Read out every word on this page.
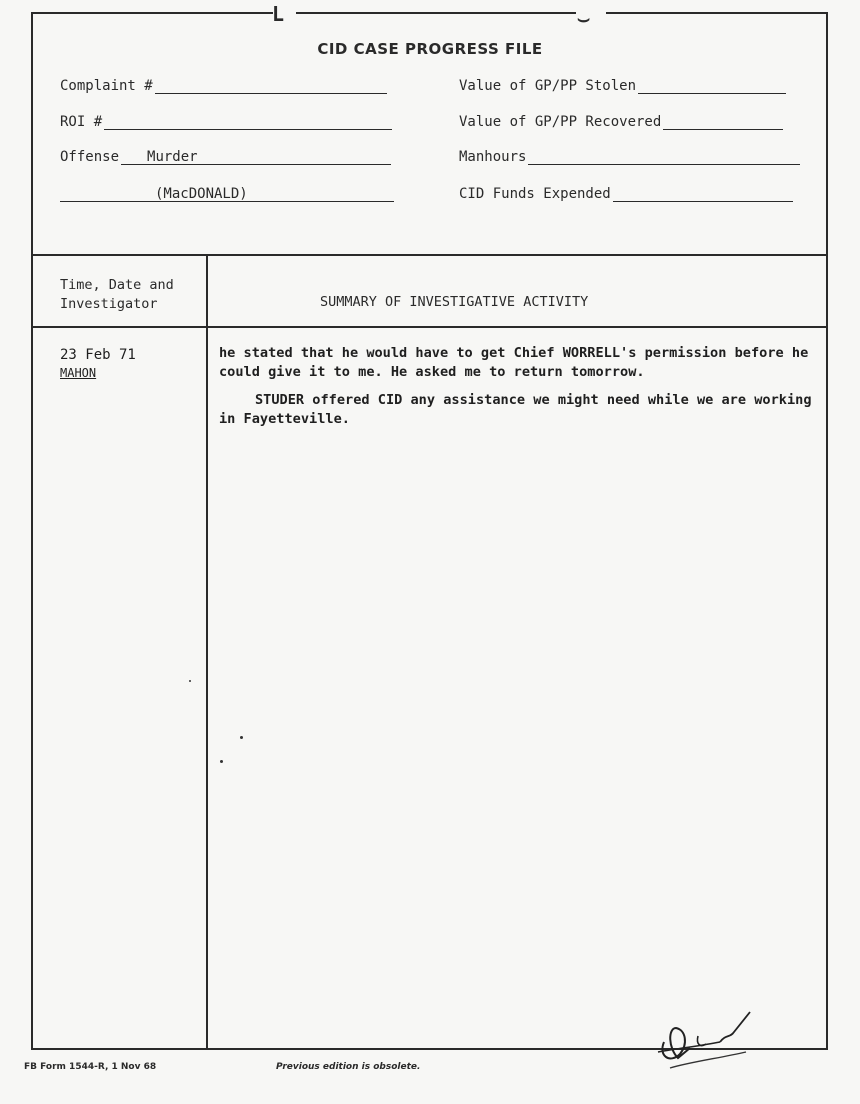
L	⌣
CID CASE PROGRESS FILE
Complaint #
ROI #
Offense	Murder
(MacDONALD)
Value of GP/PP Stolen
Value of GP/PP Recovered
Manhours
CID Funds Expended
Time, Date and
Investigator	SUMMARY OF INVESTIGATIVE ACTIVITY
23 Feb 71
MAHON

he stated that he would have to get Chief WORRELL's permission before he could give it to me. He asked me to return tomorrow.

STUDER offered CID any assistance we might need while we are working in Fayetteville.

FB Form 1544-R, 1 Nov 68	Previous edition is obsolete.
